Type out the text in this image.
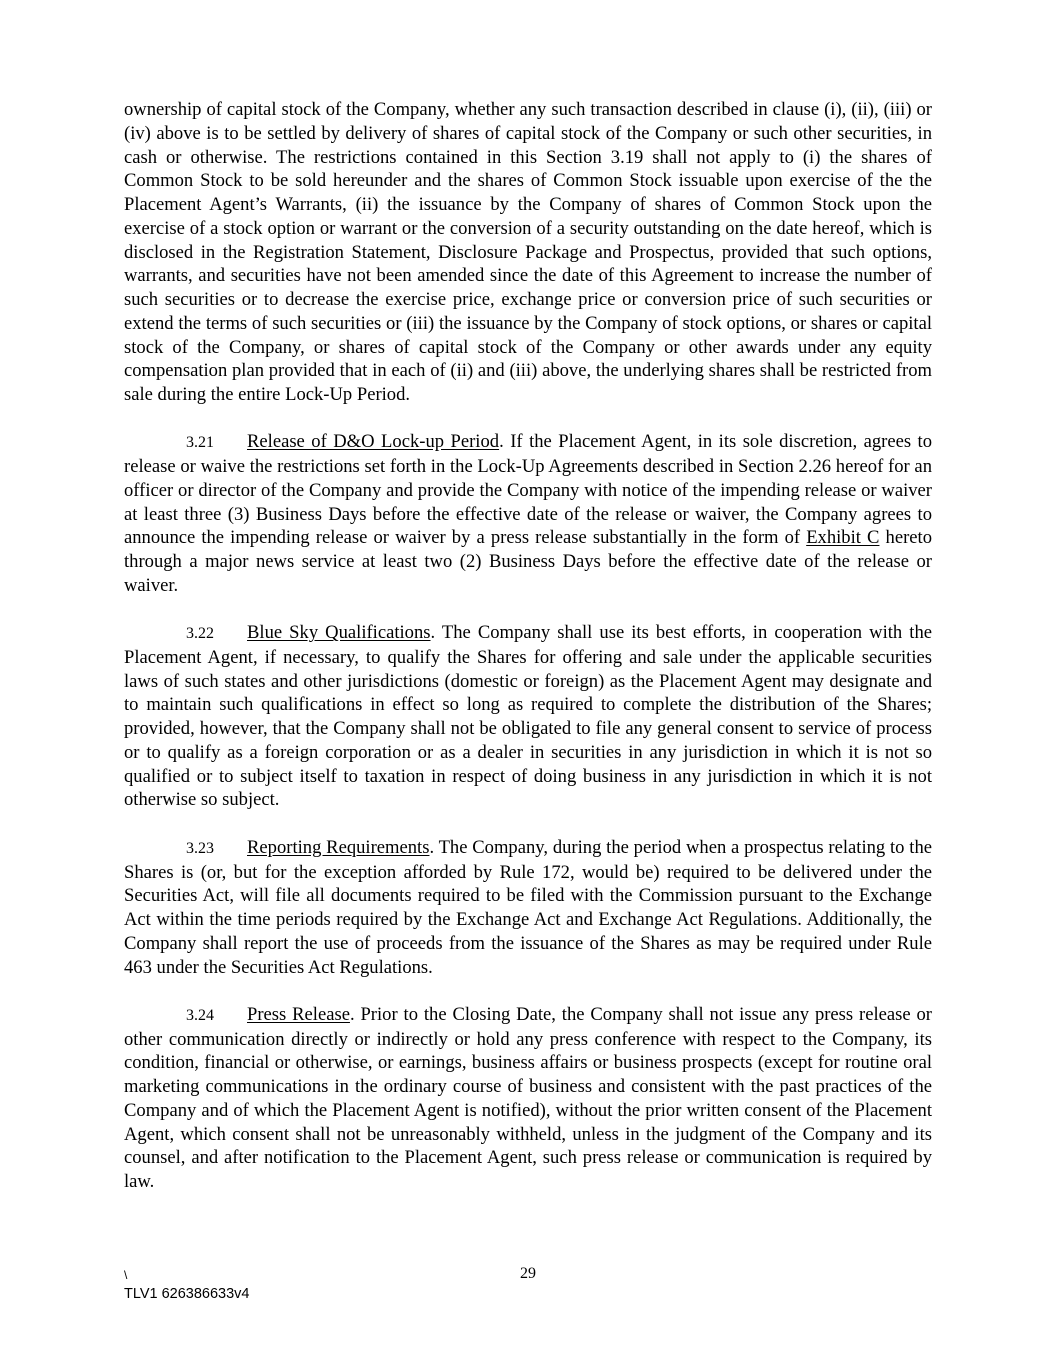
ownership of capital stock of the Company, whether any such transaction described in clause (i), (ii), (iii) or (iv) above is to be settled by delivery of shares of capital stock of the Company or such other securities, in cash or otherwise. The restrictions contained in this Section 3.19 shall not apply to (i) the shares of Common Stock to be sold hereunder and the shares of Common Stock issuable upon exercise of the the Placement Agent’s Warrants, (ii) the issuance by the Company of shares of Common Stock upon the exercise of a stock option or warrant or the conversion of a security outstanding on the date hereof, which is disclosed in the Registration Statement, Disclosure Package and Prospectus, provided that such options, warrants, and securities have not been amended since the date of this Agreement to increase the number of such securities or to decrease the exercise price, exchange price or conversion price of such securities or extend the terms of such securities or (iii) the issuance by the Company of stock options, or shares or capital stock of the Company, or shares of capital stock of the Company or other awards under any equity compensation plan provided that in each of (ii) and (iii) above, the underlying shares shall be restricted from sale during the entire Lock-Up Period.

3.21 Release of D&O Lock-up Period. If the Placement Agent, in its sole discretion, agrees to release or waive the restrictions set forth in the Lock-Up Agreements described in Section 2.26 hereof for an officer or director of the Company and provide the Company with notice of the impending release or waiver at least three (3) Business Days before the effective date of the release or waiver, the Company agrees to announce the impending release or waiver by a press release substantially in the form of Exhibit C hereto through a major news service at least two (2) Business Days before the effective date of the release or waiver.

3.22 Blue Sky Qualifications. The Company shall use its best efforts, in cooperation with the Placement Agent, if necessary, to qualify the Shares for offering and sale under the applicable securities laws of such states and other jurisdictions (domestic or foreign) as the Placement Agent may designate and to maintain such qualifications in effect so long as required to complete the distribution of the Shares; provided, however, that the Company shall not be obligated to file any general consent to service of process or to qualify as a foreign corporation or as a dealer in securities in any jurisdiction in which it is not so qualified or to subject itself to taxation in respect of doing business in any jurisdiction in which it is not otherwise so subject.

3.23 Reporting Requirements. The Company, during the period when a prospectus relating to the Shares is (or, but for the exception afforded by Rule 172, would be) required to be delivered under the Securities Act, will file all documents required to be filed with the Commission pursuant to the Exchange Act within the time periods required by the Exchange Act and Exchange Act Regulations. Additionally, the Company shall report the use of proceeds from the issuance of the Shares as may be required under Rule 463 under the Securities Act Regulations.

3.24 Press Release. Prior to the Closing Date, the Company shall not issue any press release or other communication directly or indirectly or hold any press conference with respect to the Company, its condition, financial or otherwise, or earnings, business affairs or business prospects (except for routine oral marketing communications in the ordinary course of business and consistent with the past practices of the Company and of which the Placement Agent is notified), without the prior written consent of the Placement Agent, which consent shall not be unreasonably withheld, unless in the judgment of the Company and its counsel, and after notification to the Placement Agent, such press release or communication is required by law.

\	29
TLV1 626386633v4
